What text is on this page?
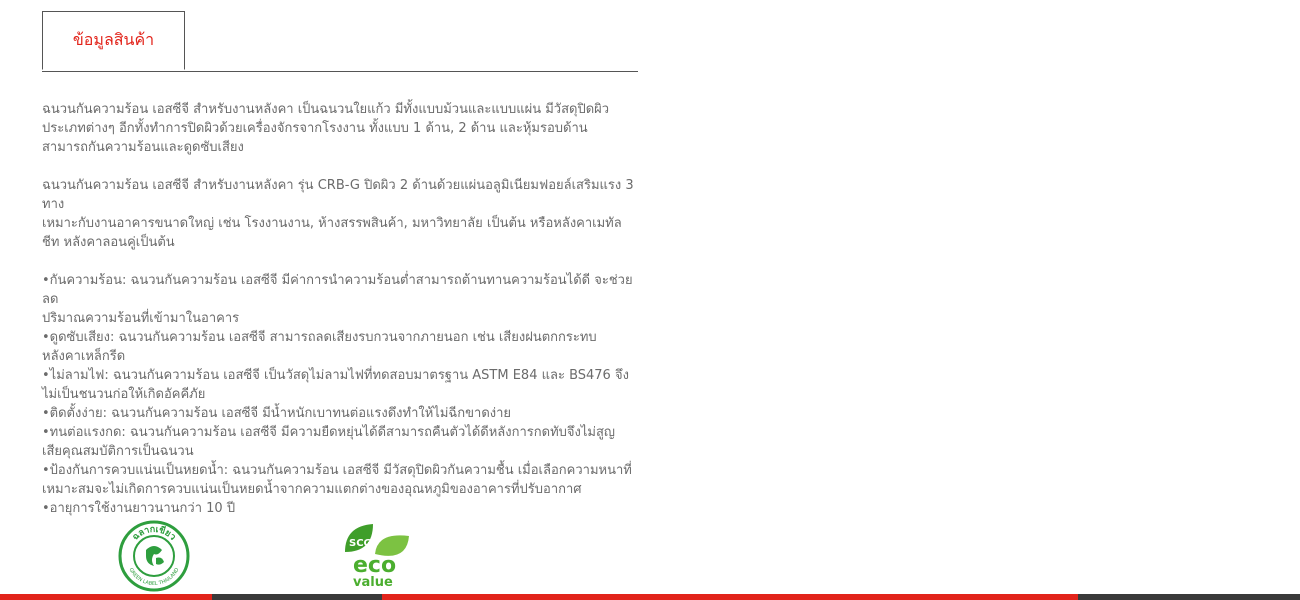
ข้อมูลสินค้า

ฉนวนกันความร้อน เอสซีจี สำหรับงานหลังคา เป็นฉนวนใยแก้ว มีทั้งแบบม้วนและแบบแผ่น มีวัสดุปิดผิว

ประเภทต่างๆ อีกทั้งทำการปิดผิวด้วยเครื่องจักรจากโรงงาน ทั้งแบบ 1 ด้าน, 2 ด้าน และหุ้มรอบด้าน

สามารถกันความร้อนและดูดซับเสียง

ฉนวนกันความร้อน เอสซีจี สำหรับงานหลังคา รุ่น CRB-G ปิดผิว 2 ด้านด้วยแผ่นอลูมิเนียมฟอยล์เสริมแรง 3

ทาง

เหมาะกับงานอาคารขนาดใหญ่ เช่น โรงงานงาน, ห้างสรรพสินค้า, มหาวิทยาลัย เป็นต้น หรือหลังคาเมทัล

ชีท หลังคาลอนคู่เป็นต้น

•กันความร้อน: ฉนวนกันความร้อน เอสซีจี มีค่าการนำความร้อนต่ำสามารถต้านทานความร้อนได้ดี จะช่วยลด

ปริมาณความร้อนที่เข้ามาในอาคาร

•ดูดซับเสียง: ฉนวนกันความร้อน เอสซีจี สามารถลดเสียงรบกวนจากภายนอก เช่น เสียงฝนตกกระทบ

หลังคาเหล็กรีด

•ไม่ลามไฟ: ฉนวนกันความร้อน เอสซีจี เป็นวัสดุไม่ลามไฟที่ทดสอบมาตรฐาน ASTM E84 และ BS476 จึง

ไม่เป็นชนวนก่อให้เกิดอัคคีภัย

•ติดตั้งง่าย: ฉนวนกันความร้อน เอสซีจี มีน้ำหนักเบาทนต่อแรงดึงทำให้ไม่ฉีกขาดง่าย

•ทนต่อแรงกด: ฉนวนกันความร้อน เอสซีจี มีความยืดหยุ่นได้ดีสามารถคืนตัวได้ดีหลังการกดทับจึงไม่สูญ

เสียคุณสมบัติการเป็นฉนวน

•ป้องกันการควบแน่นเป็นหยดน้ำ: ฉนวนกันความร้อน เอสซีจี มีวัสดุปิดผิวกันความชื้น เมื่อเลือกความหนาที่

เหมาะสมจะไม่เกิดการควบแน่นเป็นหยดน้ำจากความแตกต่างของอุณหภูมิของอาคารที่ปรับอากาศ

•อายุการใช้งานยาวนานกว่า 10 ปี

ฉลากเขียว
GREEN LABEL THAILAND
SCG
eco
value
